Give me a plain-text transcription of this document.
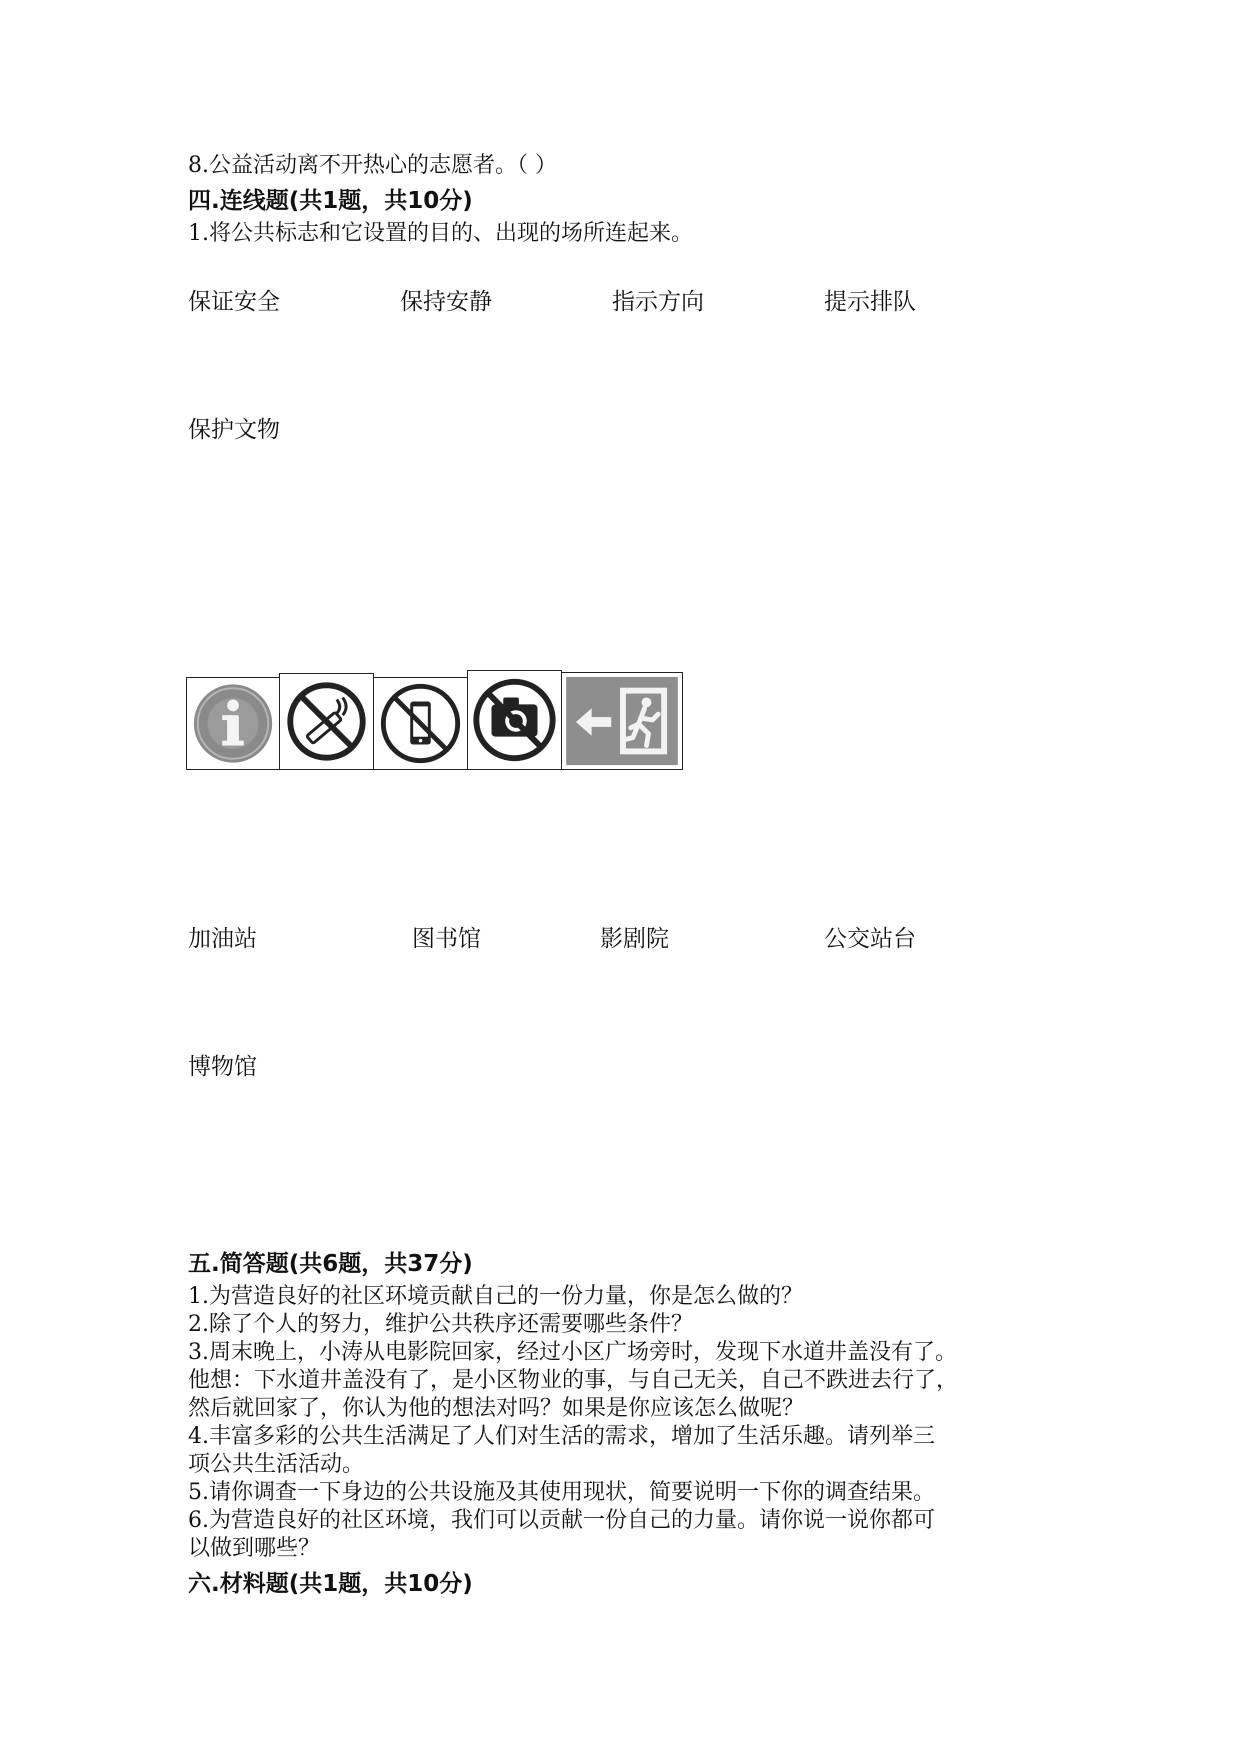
8.公益活动离不开热心的志愿者。（ ）
四.连线题(共1题，共10分)
1.将公共标志和它设置的目的、出现的场所连起来。
保证安全	保持安静	指示方向	提示排队
保护文物
加油站	图书馆	影剧院	公交站台
博物馆
五.简答题(共6题，共37分)
1.为营造良好的社区环境贡献自己的一份力量，你是怎么做的？
2.除了个人的努力，维护公共秩序还需要哪些条件？
3.周末晚上，小涛从电影院回家，经过小区广场旁时，发现下水道井盖没有了。
他想：下水道井盖没有了，是小区物业的事，与自己无关，自己不跌进去行了，
然后就回家了，你认为他的想法对吗？如果是你应该怎么做呢？
4.丰富多彩的公共生活满足了人们对生活的需求，增加了生活乐趣。请列举三
项公共生活活动。
5.请你调查一下身边的公共设施及其使用现状，简要说明一下你的调查结果。
6.为营造良好的社区环境，我们可以贡献一份自己的力量。请你说一说你都可
以做到哪些？
六.材料题(共1题，共10分)
